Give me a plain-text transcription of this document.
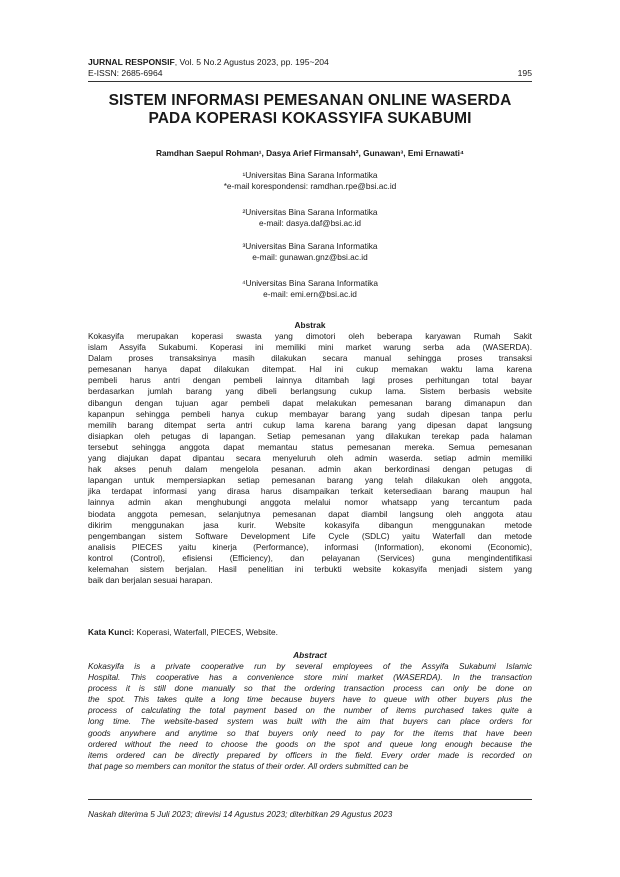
JURNAL RESPONSIF, Vol. 5 No.2 Agustus 2023, pp. 195~204
E-ISSN: 2685-6964	195
SISTEM INFORMASI PEMESANAN ONLINE WASERDA
PADA KOPERASI KOKASSYIFA SUKABUMI
Ramdhan Saepul Rohman¹, Dasya Arief Firmansah², Gunawan³, Emi Ernawati⁴
¹Universitas Bina Sarana Informatika
*e-mail korespondensi: ramdhan.rpe@bsi.ac.id
²Universitas Bina Sarana Informatika
e-mail: dasya.daf@bsi.ac.id
³Universitas Bina Sarana Informatika
e-mail: gunawan.gnz@bsi.ac.id
⁴Universitas Bina Sarana Informatika
e-mail: emi.ern@bsi.ac.id
Abstrak
Kokasyifa merupakan koperasi swasta yang dimotori oleh beberapa karyawan Rumah Sakit
islam Assyifa Sukabumi. Koperasi ini memiliki mini market warung serba ada (WASERDA).
Dalam proses transaksinya masih dilakukan secara manual sehingga proses transaksi
pemesanan hanya dapat dilakukan ditempat. Hal ini cukup memakan waktu lama karena
pembeli harus antri dengan pembeli lainnya ditambah lagi proses perhitungan total bayar
berdasarkan jumlah barang yang dibeli berlangsung cukup lama. Sistem berbasis website
dibangun dengan tujuan agar pembeli dapat melakukan pemesanan barang dimanapun dan
kapanpun sehingga pembeli hanya cukup membayar barang yang sudah dipesan tanpa perlu
memilih barang ditempat serta antri cukup lama karena barang yang dipesan dapat langsung
disiapkan oleh petugas di lapangan. Setiap pemesanan yang dilakukan terekap pada halaman
tersebut sehingga anggota dapat memantau status pemesanan mereka. Semua pemesanan
yang diajukan dapat dipantau secara menyeluruh oleh admin waserda. setiap admin memiliki
hak akses penuh dalam mengelola pesanan. admin akan berkordinasi dengan petugas di
lapangan untuk mempersiapkan setiap pemesanan barang yang telah dilakukan oleh anggota,
jika terdapat informasi yang dirasa harus disampaikan terkait ketersediaan barang maupun hal
lainnya admin akan menghubungi anggota melalui nomor whatsapp yang tercantum pada
biodata anggota pemesan, selanjutnya pemesanan dapat diambil langsung oleh anggota atau
dikirim menggunakan jasa kurir. Website kokasyifa dibangun menggunakan metode
pengembangan sistem Software Development Life Cycle (SDLC) yaitu Waterfall dan metode
analisis PIECES yaitu kinerja (Performance), informasi (Information), ekonomi (Economic),
kontrol (Control), efisiensi (Efficiency), dan pelayanan (Services) guna mengindentifikasi
kelemahan sistem berjalan. Hasil penelitian ini terbukti website kokasyifa menjadi sistem yang
baik dan berjalan sesuai harapan.
Kata Kunci: Koperasi, Waterfall, PIECES, Website.
Abstract
Kokasyifa is a private cooperative run by several employees of the Assyifa Sukabumi Islamic
Hospital. This cooperative has a convenience store mini market (WASERDA). In the transaction
process it is still done manually so that the ordering transaction process can only be done on
the spot. This takes quite a long time because buyers have to queue with other buyers plus the
process of calculating the total payment based on the number of items purchased takes quite a
long time. The website-based system was built with the aim that buyers can place orders for
goods anywhere and anytime so that buyers only need to pay for the items that have been
ordered without the need to choose the goods on the spot and queue long enough because the
items ordered can be directly prepared by officers in the field. Every order made is recorded on
that page so members can monitor the status of their order. All orders submitted can be
Naskah diterima 5 Juli 2023; direvisi 14 Agustus 2023; diterbitkan 29 Agustus 2023
